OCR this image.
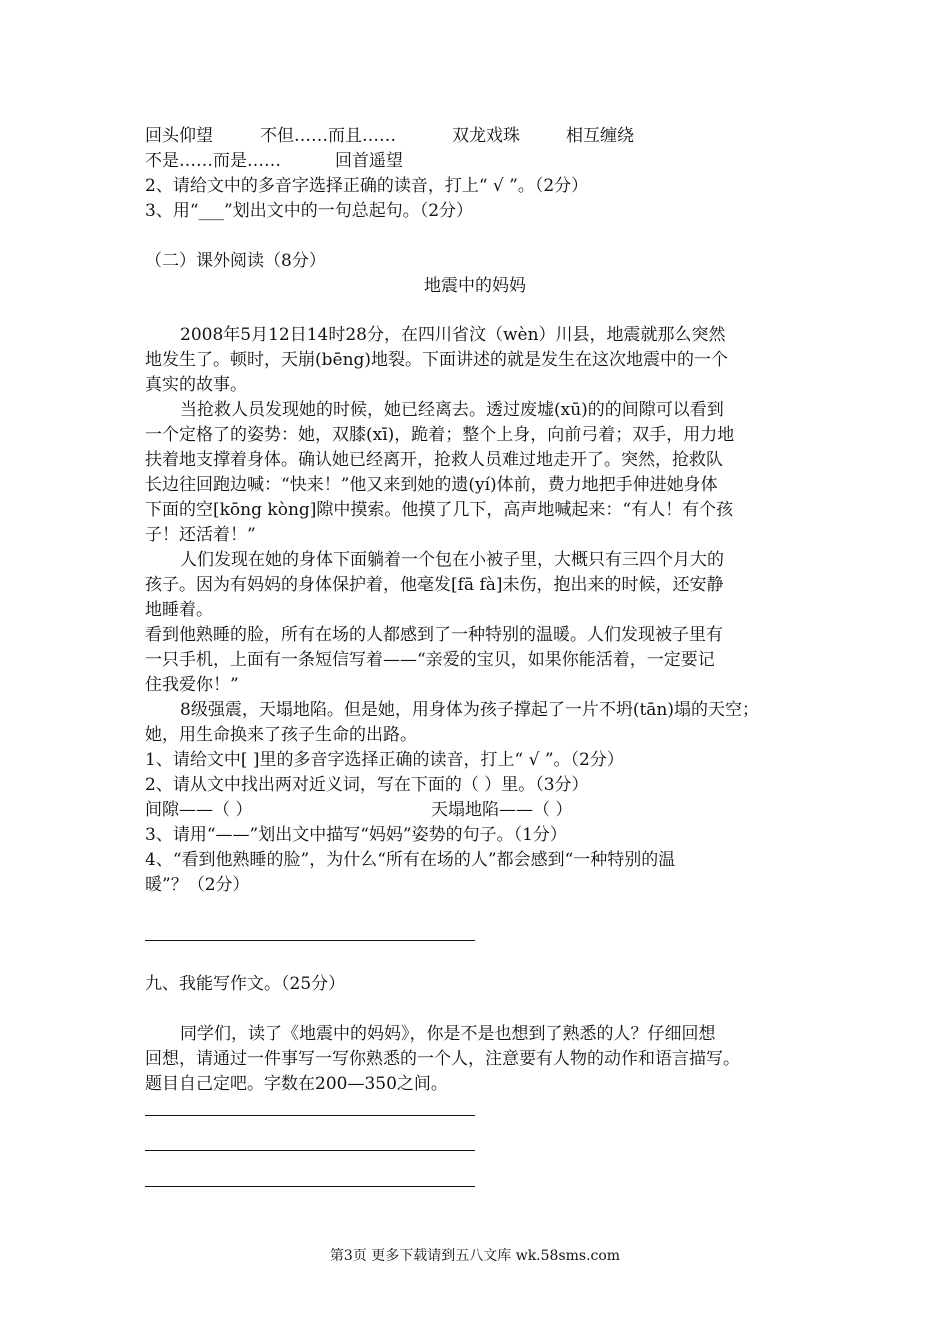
回头仰望	不但……而且……	双龙戏珠	相互缠绕
不是……而是……	回首遥望
2、请给文中的多音字选择正确的读音，打上“ √ ”。（2分）
3、用“___”划出文中的一句总起句。（2分）
（二）课外阅读（8分）
地震中的妈妈
2008年5月12日14时28分，在四川省汶（wèn）川县，地震就那么突然
地发生了。顿时，天崩(bēng)地裂。下面讲述的就是发生在这次地震中的一个
真实的故事。
当抢救人员发现她的时候，她已经离去。透过废墟(xū)的的间隙可以看到
一个定格了的姿势：她，双膝(xī)，跪着；整个上身，向前弓着；双手，用力地
扶着地支撑着身体。确认她已经离开，抢救人员难过地走开了。突然，抢救队
长边往回跑边喊：“快来！”他又来到她的遗(yí)体前，费力地把手伸进她身体
下面的空[kōng kòng]隙中摸索。他摸了几下，高声地喊起来：“有人！有个孩
子！还活着！”
人们发现在她的身体下面躺着一个包在小被子里，大概只有三四个月大的
孩子。因为有妈妈的身体保护着，他毫发[fā fà]未伤，抱出来的时候，还安静
地睡着。
看到他熟睡的脸，所有在场的人都感到了一种特别的温暖。人们发现被子里有
一只手机，上面有一条短信写着——“亲爱的宝贝，如果你能活着，一定要记
住我爱你！”
8级强震，天塌地陷。但是她，用身体为孩子撑起了一片不坍(tān)塌的天空；
她，用生命换来了孩子生命的出路。
1、请给文中[ ]里的多音字选择正确的读音，打上“ √ ”。（2分）
2、请从文中找出两对近义词，写在下面的（ ）里。（3分）
间隙——（ ）	天塌地陷——（ ）
3、请用“——”划出文中描写“妈妈”姿势的句子。（1分）
4、“看到他熟睡的脸”，为什么“所有在场的人”都会感到“一种特别的温
暖”？（2分）
九、我能写作文。（25分）
同学们，读了《地震中的妈妈》，你是不是也想到了熟悉的人？仔细回想
回想，请通过一件事写一写你熟悉的一个人，注意要有人物的动作和语言描写。
题目自己定吧。字数在200—350之间。
第3页 更多下载请到五八文库 wk.58sms.com
